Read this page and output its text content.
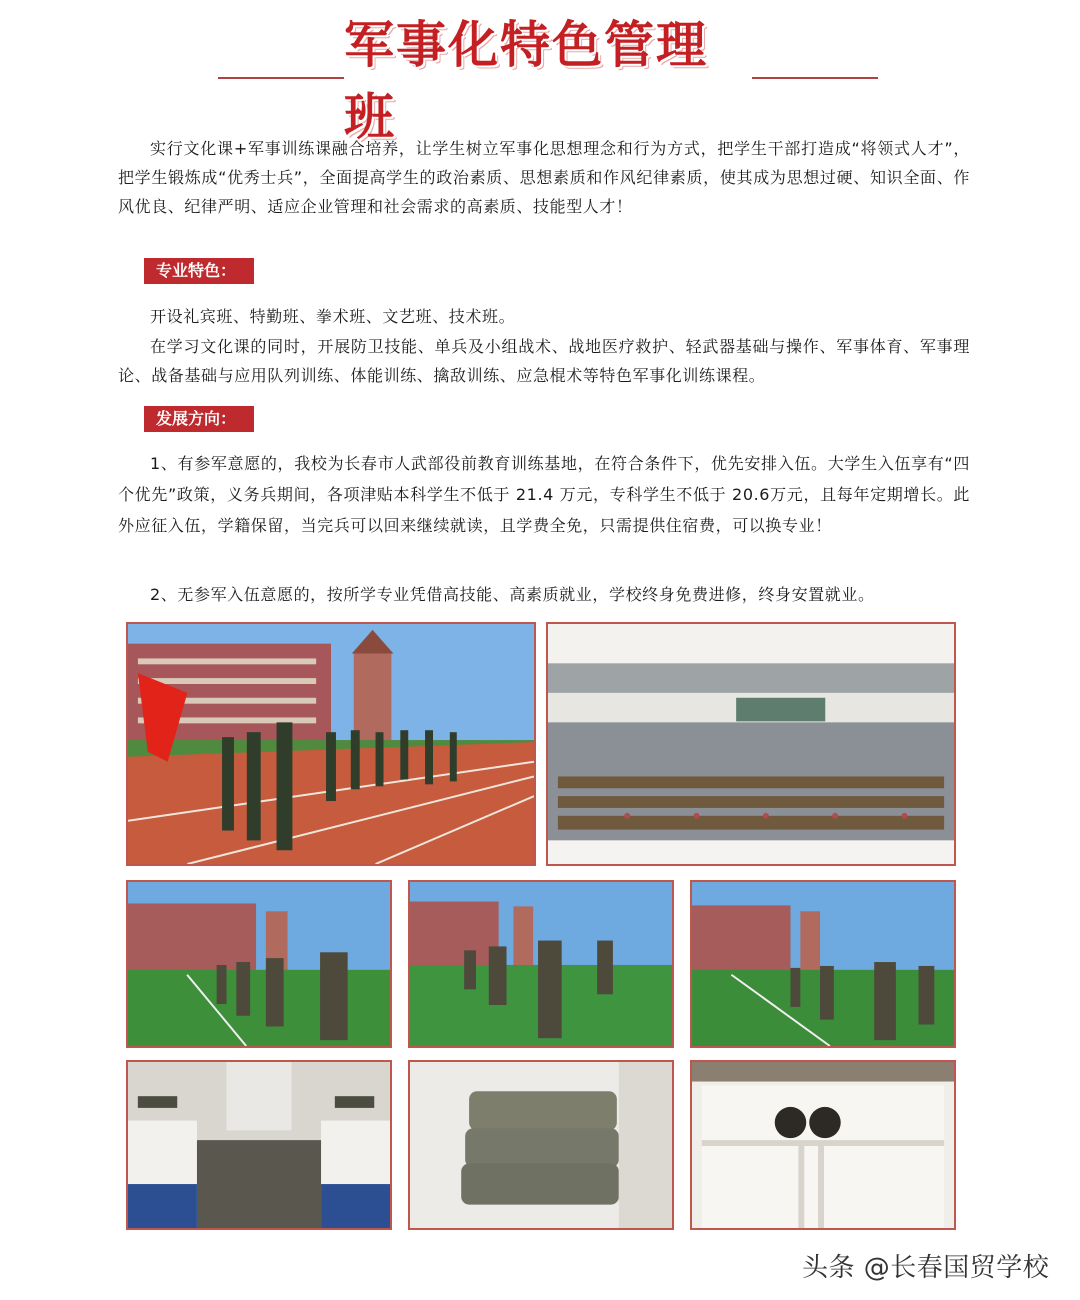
军事化特色管理班

实行文化课+军事训练课融合培养，让学生树立军事化思想理念和行为方式，把学生干部打造成“将领式人才”，把学生锻炼成“优秀士兵”，全面提高学生的政治素质、思想素质和作风纪律素质，使其成为思想过硬、知识全面、作风优良、纪律严明、适应企业管理和社会需求的高素质、技能型人才！

专业特色：

开设礼宾班、特勤班、拳术班、文艺班、技术班。

在学习文化课的同时，开展防卫技能、单兵及小组战术、战地医疗救护、轻武器基础与操作、军事体育、军事理论、战备基础与应用队列训练、体能训练、擒敌训练、应急棍术等特色军事化训练课程。

发展方向：

1、有参军意愿的，我校为长春市人武部役前教育训练基地，在符合条件下，优先安排入伍。大学生入伍享有“四个优先”政策，义务兵期间，各项津贴本科学生不低于 21.4 万元，专科学生不低于 20.6万元，且每年定期增长。此外应征入伍，学籍保留，当完兵可以回来继续就读，且学费全免，只需提供住宿费，可以换专业！

2、无参军入伍意愿的，按所学专业凭借高技能、高素质就业，学校终身免费进修，终身安置就业。

头条 @长春国贸学校
